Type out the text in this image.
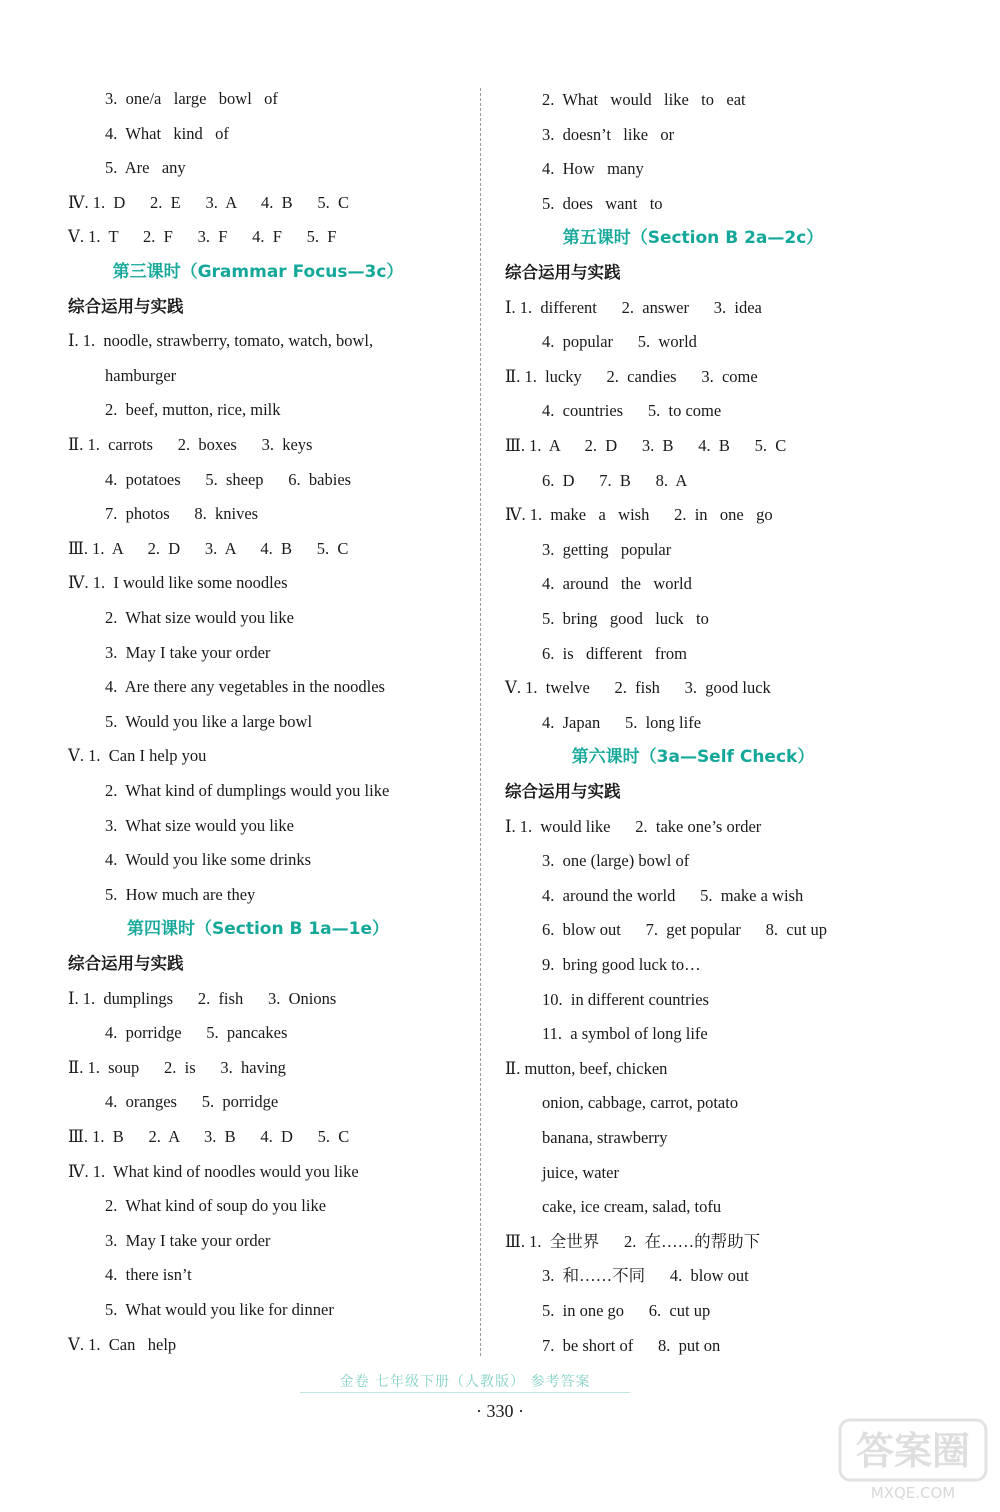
3.  one/a   large   bowl   of
4.  What   kind   of
5.  Are   any
Ⅳ. 1.  D      2.  E      3.  A      4.  B      5.  C
Ⅴ. 1.  T      2.  F      3.  F      4.  F      5.  F
第三课时（Grammar Focus—3c）
综合运用与实践
Ⅰ. 1.  noodle, strawberry, tomato, watch, bowl,
hamburger
2.  beef, mutton, rice, milk
Ⅱ. 1.  carrots      2.  boxes      3.  keys
4.  potatoes      5.  sheep      6.  babies
7.  photos      8.  knives
Ⅲ. 1.  A      2.  D      3.  A      4.  B      5.  C
Ⅳ. 1.  I would like some noodles
2.  What size would you like
3.  May I take your order
4.  Are there any vegetables in the noodles
5.  Would you like a large bowl
Ⅴ. 1.  Can I help you
2.  What kind of dumplings would you like
3.  What size would you like
4.  Would you like some drinks
5.  How much are they
第四课时（Section B 1a—1e）
综合运用与实践
Ⅰ. 1.  dumplings      2.  fish      3.  Onions
4.  porridge      5.  pancakes
Ⅱ. 1.  soup      2.  is      3.  having
4.  oranges      5.  porridge
Ⅲ. 1.  B      2.  A      3.  B      4.  D      5.  C
Ⅳ. 1.  What kind of noodles would you like
2.  What kind of soup do you like
3.  May I take your order
4.  there isn’t
5.  What would you like for dinner
Ⅴ. 1.  Can   help
2.  What   would   like   to   eat
3.  doesn’t   like   or
4.  How   many
5.  does   want   to
第五课时（Section B 2a—2c）
综合运用与实践
Ⅰ. 1.  different      2.  answer      3.  idea
4.  popular      5.  world
Ⅱ. 1.  lucky      2.  candies      3.  come
4.  countries      5.  to come
Ⅲ. 1.  A      2.  D      3.  B      4.  B      5.  C
6.  D      7.  B      8.  A
Ⅳ. 1.  make   a   wish      2.  in   one   go
3.  getting   popular
4.  around   the   world
5.  bring   good   luck   to
6.  is   different   from
Ⅴ. 1.  twelve      2.  fish      3.  good luck
4.  Japan      5.  long life
第六课时（3a—Self Check）
综合运用与实践
Ⅰ. 1.  would like      2.  take one’s order
3.  one (large) bowl of
4.  around the world      5.  make a wish
6.  blow out      7.  get popular      8.  cut up
9.  bring good luck to…
10.  in different countries
11.  a symbol of long life
Ⅱ. mutton, beef, chicken
onion, cabbage, carrot, potato
banana, strawberry
juice, water
cake, ice cream, salad, tofu
Ⅲ. 1.  全世界      2.  在……的帮助下
3.  和……不同      4.  blow out
5.  in one go      6.  cut up
7.  be short of      8.  put on
金卷 七年级下册（人教版） 参考答案
· 330 ·
答案圈
MXQE.COM
